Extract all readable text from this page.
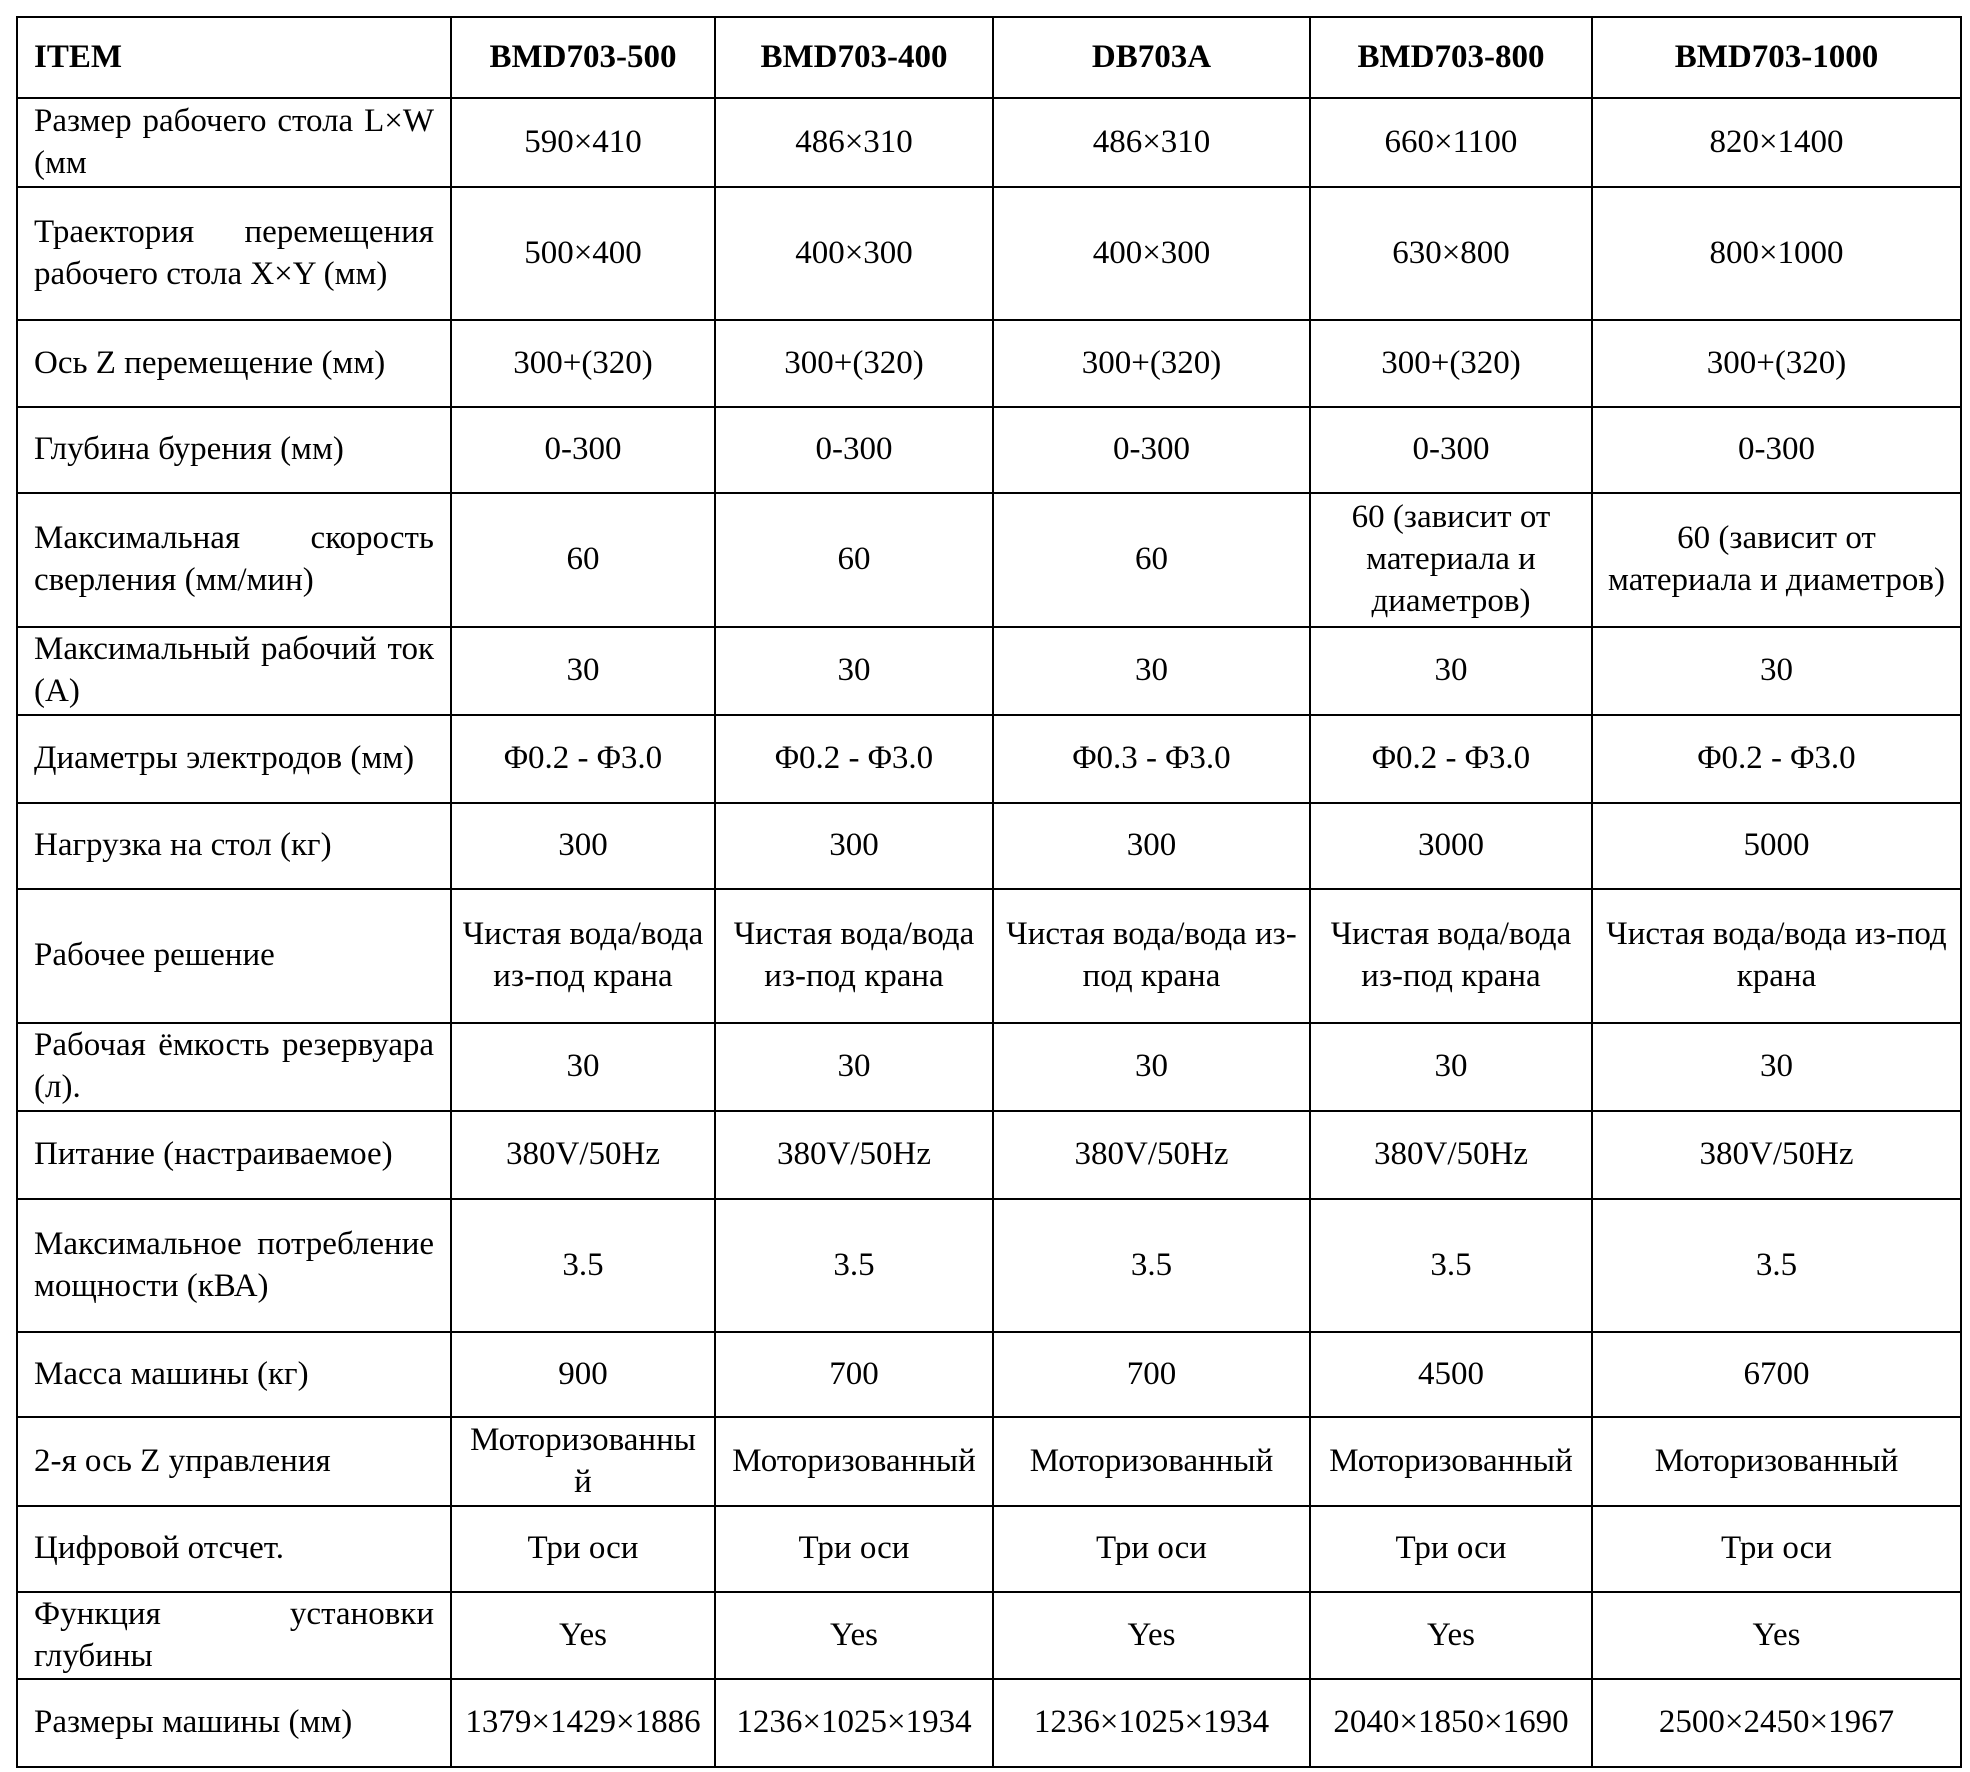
ITEM	BMD703-500	BMD703-400	DB703A	BMD703-800	BMD703-1000
Размер рабочего стола L×W (мм	590×410	486×310	486×310	660×1100	820×1400
Траектория перемещения рабочего стола X×Y (мм)	500×400	400×300	400×300	630×800	800×1000
Ось Z перемещение (мм)	300+(320)	300+(320)	300+(320)	300+(320)	300+(320)
Глубина бурения (мм)	0-300	0-300	0-300	0-300	0-300
Максимальная скорость сверления (мм/мин)	60	60	60	60 (зависит от материала и диаметров)	60 (зависит от материала и диаметров)
Максимальный рабочий ток (A)	30	30	30	30	30
Диаметры электродов (мм)	Φ0.2 - Φ3.0	Φ0.2 - Φ3.0	Φ0.3 - Φ3.0	Φ0.2 - Φ3.0	Φ0.2 - Φ3.0
Нагрузка на стол (кг)	300	300	300	3000	5000
Рабочее решение	Чистая вода/вода из-под крана	Чистая вода/вода из-под крана	Чистая вода/вода из-под крана	Чистая вода/вода из-под крана	Чистая вода/вода из-под крана
Рабочая ёмкость резервуара (л).	30	30	30	30	30
Питание (настраиваемое)	380V/50Hz	380V/50Hz	380V/50Hz	380V/50Hz	380V/50Hz
Максимальное потребление мощности (кВА)	3.5	3.5	3.5	3.5	3.5
Масса машины (кг)	900	700	700	4500	6700
2-я ось Z управления	Моторизованный	Моторизованный	Моторизованный	Моторизованный	Моторизованный
Цифровой отсчет.	Три оси	Три оси	Три оси	Три оси	Три оси
Функция установки глубины	Yes	Yes	Yes	Yes	Yes
Размеры машины (мм)	1379×1429×1886	1236×1025×1934	1236×1025×1934	2040×1850×1690	2500×2450×1967
